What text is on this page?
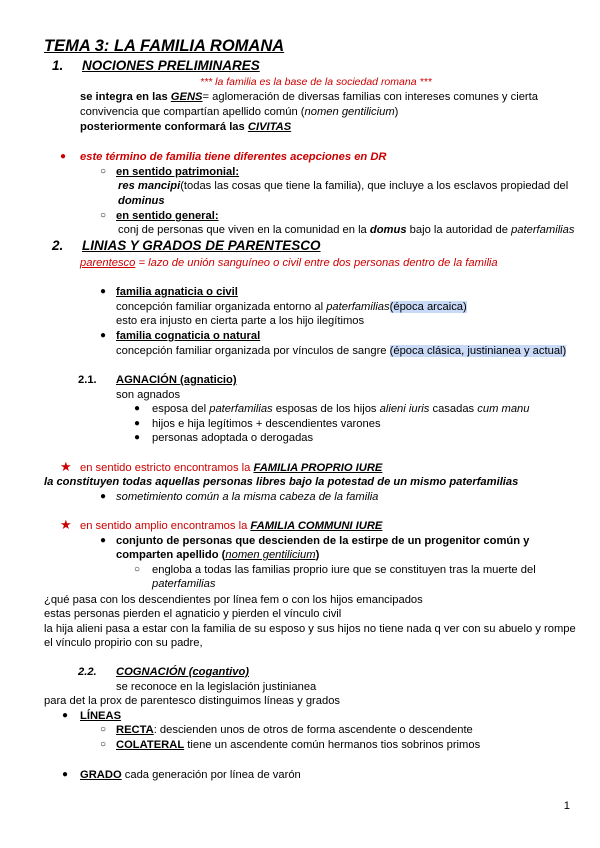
TEMA 3: LA FAMILIA ROMANA
1. NOCIONES PRELIMINARES
*** la familia es la base de la sociedad romana ***
se integra en las GENS= aglomeración de diversas familias con intereses comunes y cierta
convivencia que compartían apellido común (nomen gentilicium)
posteriormente conformará las CIVITAS
● este término de familia tiene diferentes acepciones en DR
○ en sentido patrimonial:
res mancipi(todas las cosas que tiene la familia), que incluye a los esclavos propiedad del
dominus
○ en sentido general:
conj de personas que viven en la comunidad en la domus bajo la autoridad de paterfamilias
2. LINIAS Y GRADOS DE PARENTESCO
parentesco = lazo de unión sanguíneo o civil entre dos personas dentro de la familia
● familia agnaticia o civil
concepción familiar organizada entorno al paterfamilias(época arcaica)
esto era injusto en cierta parte a los hijo ilegítimos
● familia cognaticia o natural
concepción familiar organizada por vínculos de sangre (época clásica, justinianea y actual)
2.1. AGNACIÓN (agnaticio)
son agnados
● esposa del paterfamilias esposas de los hijos alieni iuris casadas cum manu
● hijos e hija legítimos + descendientes varones
● personas adoptada o derogadas
★ en sentido estricto encontramos la FAMILIA PROPRIO IURE
la constituyen todas aquellas personas libres bajo la potestad de un mismo paterfamilias
● sometimiento común a la misma cabeza de la familia
★ en sentido amplio encontramos la FAMILIA COMMUNI IURE
● conjunto de personas que descienden de la estirpe de un progenitor común y
comparten apellido (nomen gentilicium)
○ engloba a todas las familias proprio iure que se constituyen tras la muerte del
paterfamilias
¿qué pasa con los descendientes por línea fem o con los hijos emancipados
estas personas pierden el agnaticio y pierden el vínculo civil
la hija alieni pasa a estar con la familia de su esposo y sus hijos no tiene nada q ver con su abuelo y rompe
el vínculo propirio con su padre,
2.2. COGNACIÓN (cogantivo)
se reconoce en la legislación justinianea
para det la prox de parentesco distinguimos líneas y grados
● LÍNEAS
○ RECTA: descienden unos de otros de forma ascendente o descendente
○ COLATERAL tiene un ascendente común hermanos tios sobrinos primos
● GRADO cada generación por línea de varón
1
